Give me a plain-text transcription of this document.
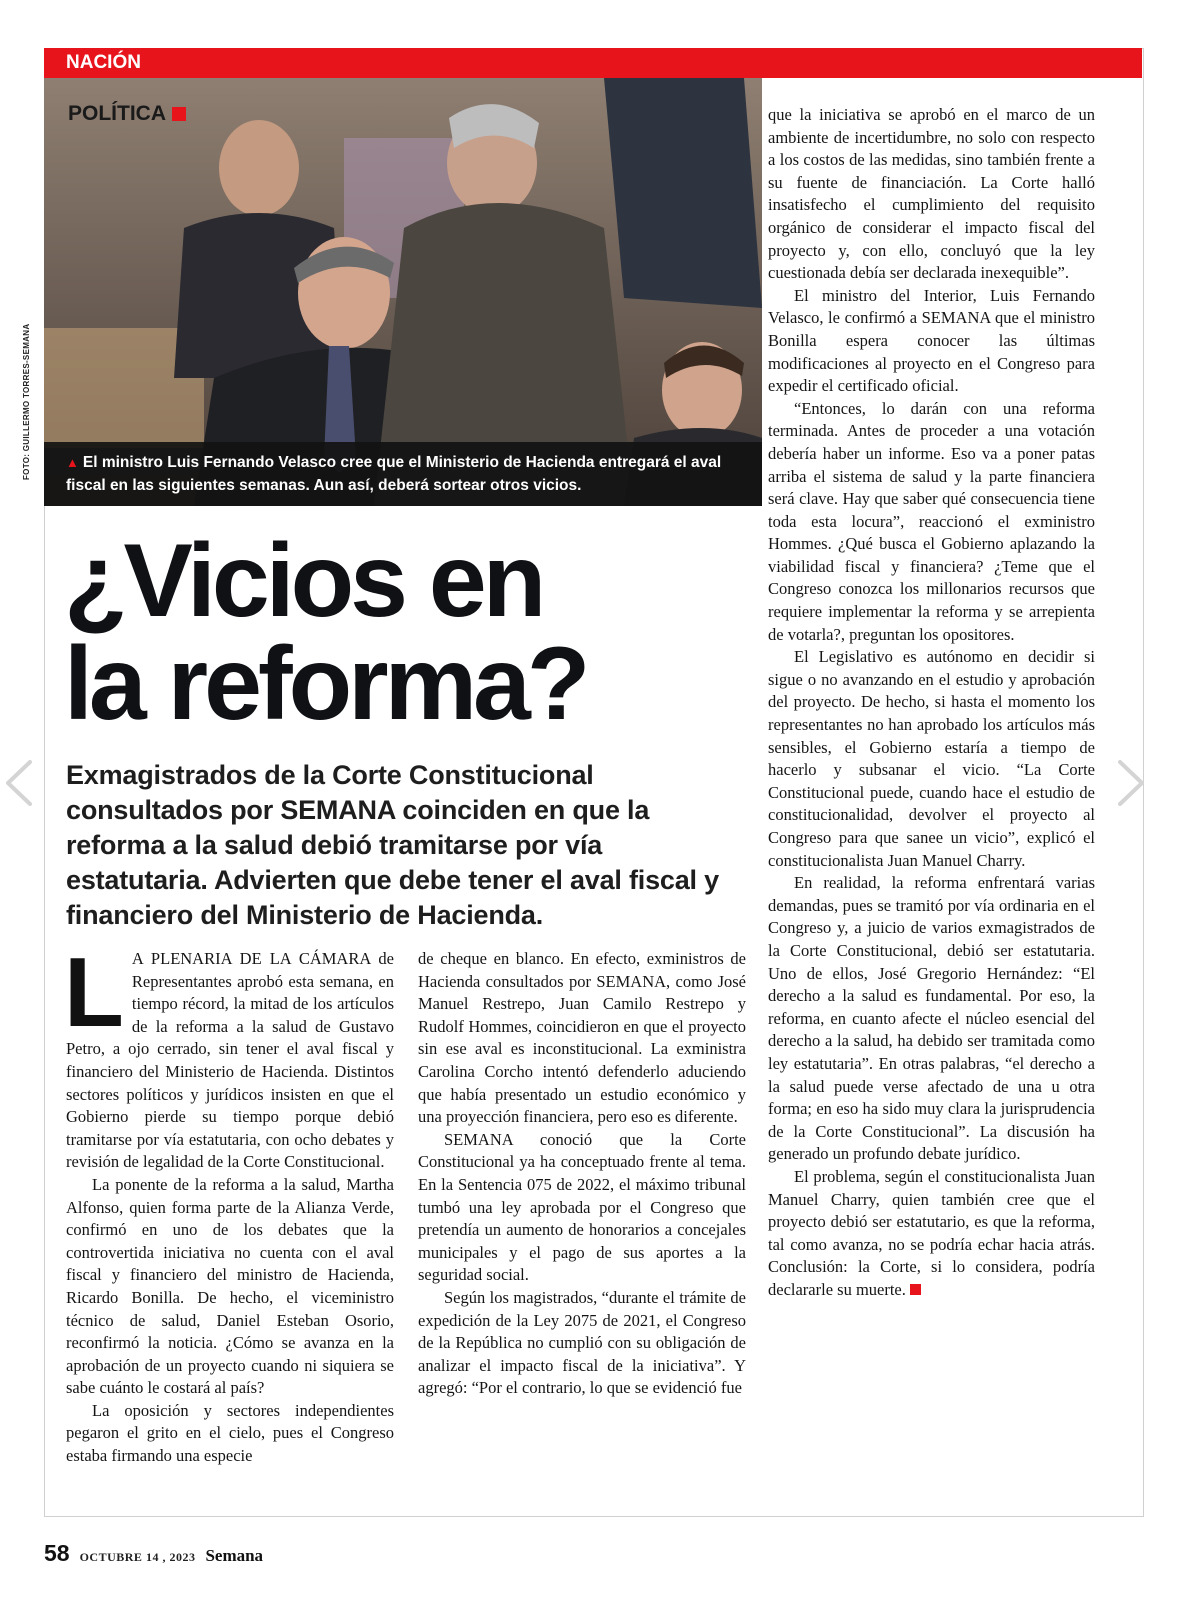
NACIÓN
POLÍTICA
▲ El ministro Luis Fernando Velasco cree que el Ministerio de Hacienda entregará el aval fiscal en las siguientes semanas. Aun así, deberá sortear otros vicios.
FOTO: GUILLERMO TORRES-SEMANA
¿Vicios en
la reforma?

Exmagistrados de la Corte Constitucional consultados por SEMANA coinciden en que la reforma a la salud debió tramitarse por vía estatutaria. Advierten que debe tener el aval fiscal y financiero del Ministerio de Hacienda.

L A PLENARIA DE LA CÁMARA de Representantes aprobó esta semana, en tiempo récord, la mitad de los artículos de la reforma a la salud de Gustavo Petro, a ojo cerrado, sin tener el aval fiscal y financiero del Ministerio de Hacienda. Distintos sectores políticos y jurídicos insisten en que el Gobierno pierde su tiempo porque debió tramitarse por vía estatutaria, con ocho debates y revisión de legalidad de la Corte Constitucional.

La ponente de la reforma a la salud, Martha Alfonso, quien forma parte de la Alianza Verde, confirmó en uno de los debates que la controvertida iniciativa no cuenta con el aval fiscal y financiero del ministro de Hacienda, Ricardo Bonilla. De hecho, el viceministro técnico de salud, Daniel Esteban Osorio, reconfirmó la noticia. ¿Cómo se avanza en la aprobación de un proyecto cuando ni siquiera se sabe cuánto le costará al país?

La oposición y sectores independientes pegaron el grito en el cielo, pues el Congreso estaba firmando una especie

de cheque en blanco. En efecto, exministros de Hacienda consultados por SEMANA, como José Manuel Restrepo, Juan Camilo Restrepo y Rudolf Hommes, coincidieron en que el proyecto sin ese aval es inconstitucional. La exministra Carolina Corcho intentó defenderlo aduciendo que había presentado un estudio económico y una proyección financiera, pero eso es diferente.

SEMANA conoció que la Corte Constitucional ya ha conceptuado frente al tema. En la Sentencia 075 de 2022, el máximo tribunal tumbó una ley aprobada por el Congreso que pretendía un aumento de honorarios a concejales municipales y el pago de sus aportes a la seguridad social.

Según los magistrados, “durante el trámite de expedición de la Ley 2075 de 2021, el Congreso de la República no cumplió con su obligación de analizar el impacto fiscal de la iniciativa”. Y agregó: “Por el contrario, lo que se evidenció fue

que la iniciativa se aprobó en el marco de un ambiente de incertidumbre, no solo con respecto a los costos de las medidas, sino también frente a su fuente de financiación. La Corte halló insatisfecho el cumplimiento del requisito orgánico de considerar el impacto fiscal del proyecto y, con ello, concluyó que la ley cuestionada debía ser declarada inexequible”.

El ministro del Interior, Luis Fernando Velasco, le confirmó a SEMANA que el ministro Bonilla espera conocer las últimas modificaciones al proyecto en el Congreso para expedir el certificado oficial.

“Entonces, lo darán con una reforma terminada. Antes de proceder a una votación debería haber un informe. Eso va a poner patas arriba el sistema de salud y la parte financiera será clave. Hay que saber qué consecuencia tiene toda esta locura”, reaccionó el exministro Hommes. ¿Qué busca el Gobierno aplazando la viabilidad fiscal y financiera? ¿Teme que el Congreso conozca los millonarios recursos que requiere implementar la reforma y se arrepienta de votarla?, preguntan los opositores.

El Legislativo es autónomo en decidir si sigue o no avanzando en el estudio y aprobación del proyecto. De hecho, si hasta el momento los representantes no han aprobado los artículos más sensibles, el Gobierno estaría a tiempo de hacerlo y subsanar el vicio. “La Corte Constitucional puede, cuando hace el estudio de constitucionalidad, devolver el proyecto al Congreso para que sanee un vicio”, explicó el constitucionalista Juan Manuel Charry.

En realidad, la reforma enfrentará varias demandas, pues se tramitó por vía ordinaria en el Congreso y, a juicio de varios exmagistrados de la Corte Constitucional, debió ser estatutaria. Uno de ellos, José Gregorio Hernández: “El derecho a la salud es fundamental. Por eso, la reforma, en cuanto afecte el núcleo esencial del derecho a la salud, ha debido ser tramitada como ley estatutaria”. En otras palabras, “el derecho a la salud puede verse afectado de una u otra forma; en eso ha sido muy clara la jurisprudencia de la Corte Constitucional”. La discusión ha generado un profundo debate jurídico.

El problema, según el constitucionalista Juan Manuel Charry, quien también cree que el proyecto debió ser estatutario, es que la reforma, tal como avanza, no se podría echar hacia atrás. Conclusión: la Corte, si lo considera, podría declararle su muerte.

58 OCTUBRE 14 , 2023 Semana
